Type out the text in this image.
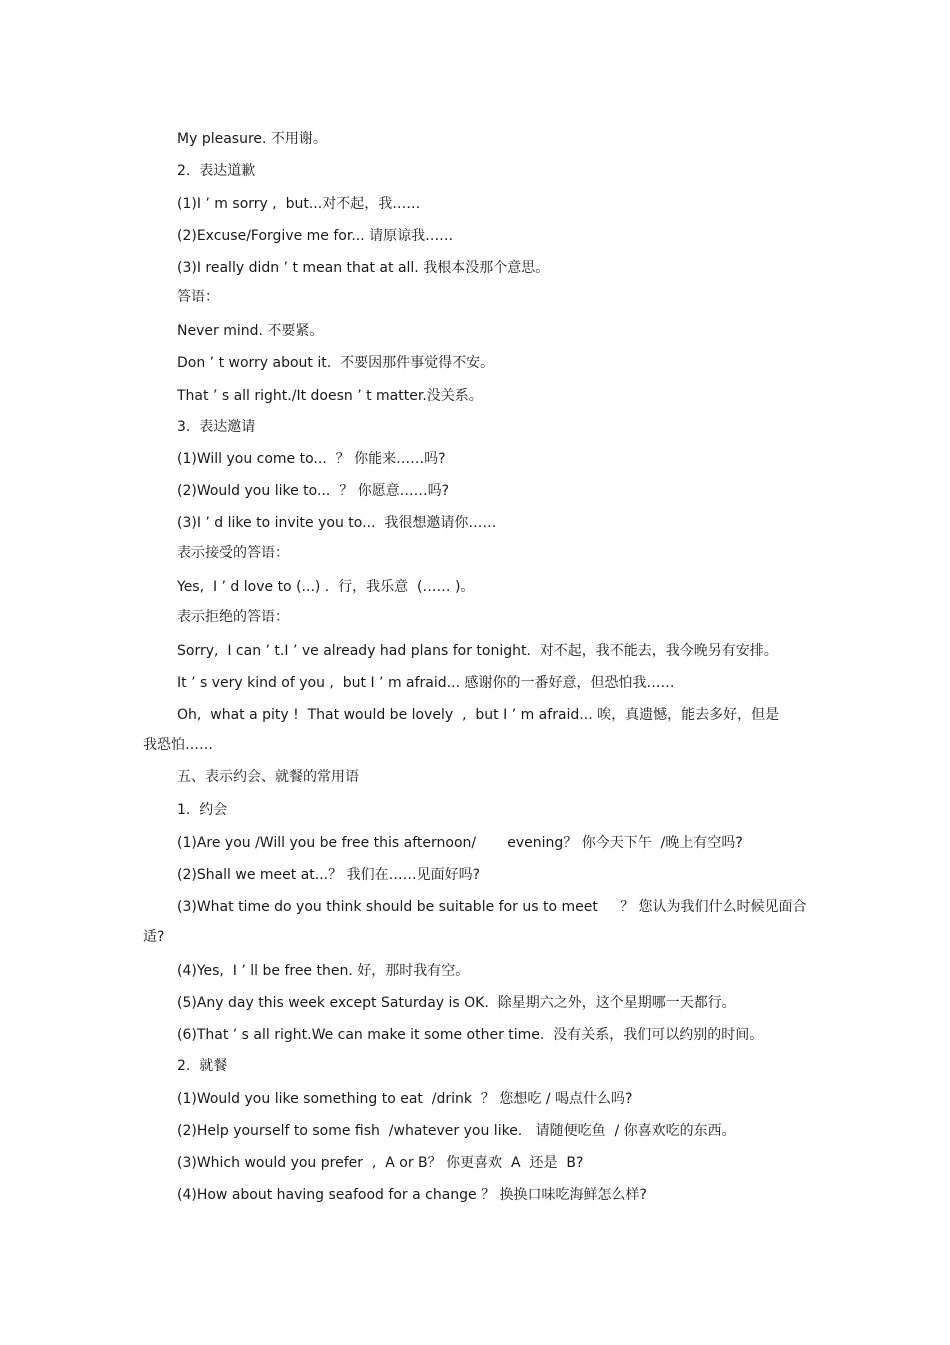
My pleasure. 不用谢。
2.  表达道歉
(1)I ’ m sorry ,  but...对不起，我……
(2)Excuse/Forgive me for... 请原谅我……
(3)I really didn ’ t mean that at all. 我根本没那个意思。
答语：
Never mind. 不要紧。
Don ’ t worry about it.  不要因那件事觉得不安。
That ’ s all right./It doesn ’ t matter.没关系。
3.  表达邀请
(1)Will you come to...  ？ 你能来……吗?
(2)Would you like to...  ？ 你愿意……吗?
(3)I ’ d like to invite you to...  我很想邀请你……
表示接受的答语：
Yes,  I ’ d love to (...) .  行，我乐意  (…… )。
表示拒绝的答语：
Sorry,  I can ’ t.I ’ ve already had plans for tonight.  对不起，我不能去，我今晚另有安排。
It ’ s very kind of you ,  but I ’ m afraid... 感谢你的一番好意，但恐怕我……
Oh,  what a pity !  That would be lovely  ,  but I ’ m afraid... 唉，真遗憾，能去多好，但是
我恐怕……
五、表示约会、就餐的常用语
1.  约会
(1)Are you /Will you be free this afternoon/       evening？ 你今天下午  /晚上有空吗?
(2)Shall we meet at...？ 我们在……见面好吗?
(3)What time do you think should be suitable for us to meet     ？ 您认为我们什么时候见面合
适?
(4)Yes,  I ’ ll be free then. 好，那时我有空。
(5)Any day this week except Saturday is OK.  除星期六之外，这个星期哪一天都行。
(6)That ’ s all right.We can make it some other time.  没有关系，我们可以约别的时间。
2.  就餐
(1)Would you like something to eat  /drink  ？ 您想吃 / 喝点什么吗?
(2)Help yourself to some fish  /whatever you like.   请随便吃鱼  / 你喜欢吃的东西。
(3)Which would you prefer  ,  A or B？ 你更喜欢  A  还是  B?
(4)How about having seafood for a change ？ 换换口味吃海鲜怎么样?
